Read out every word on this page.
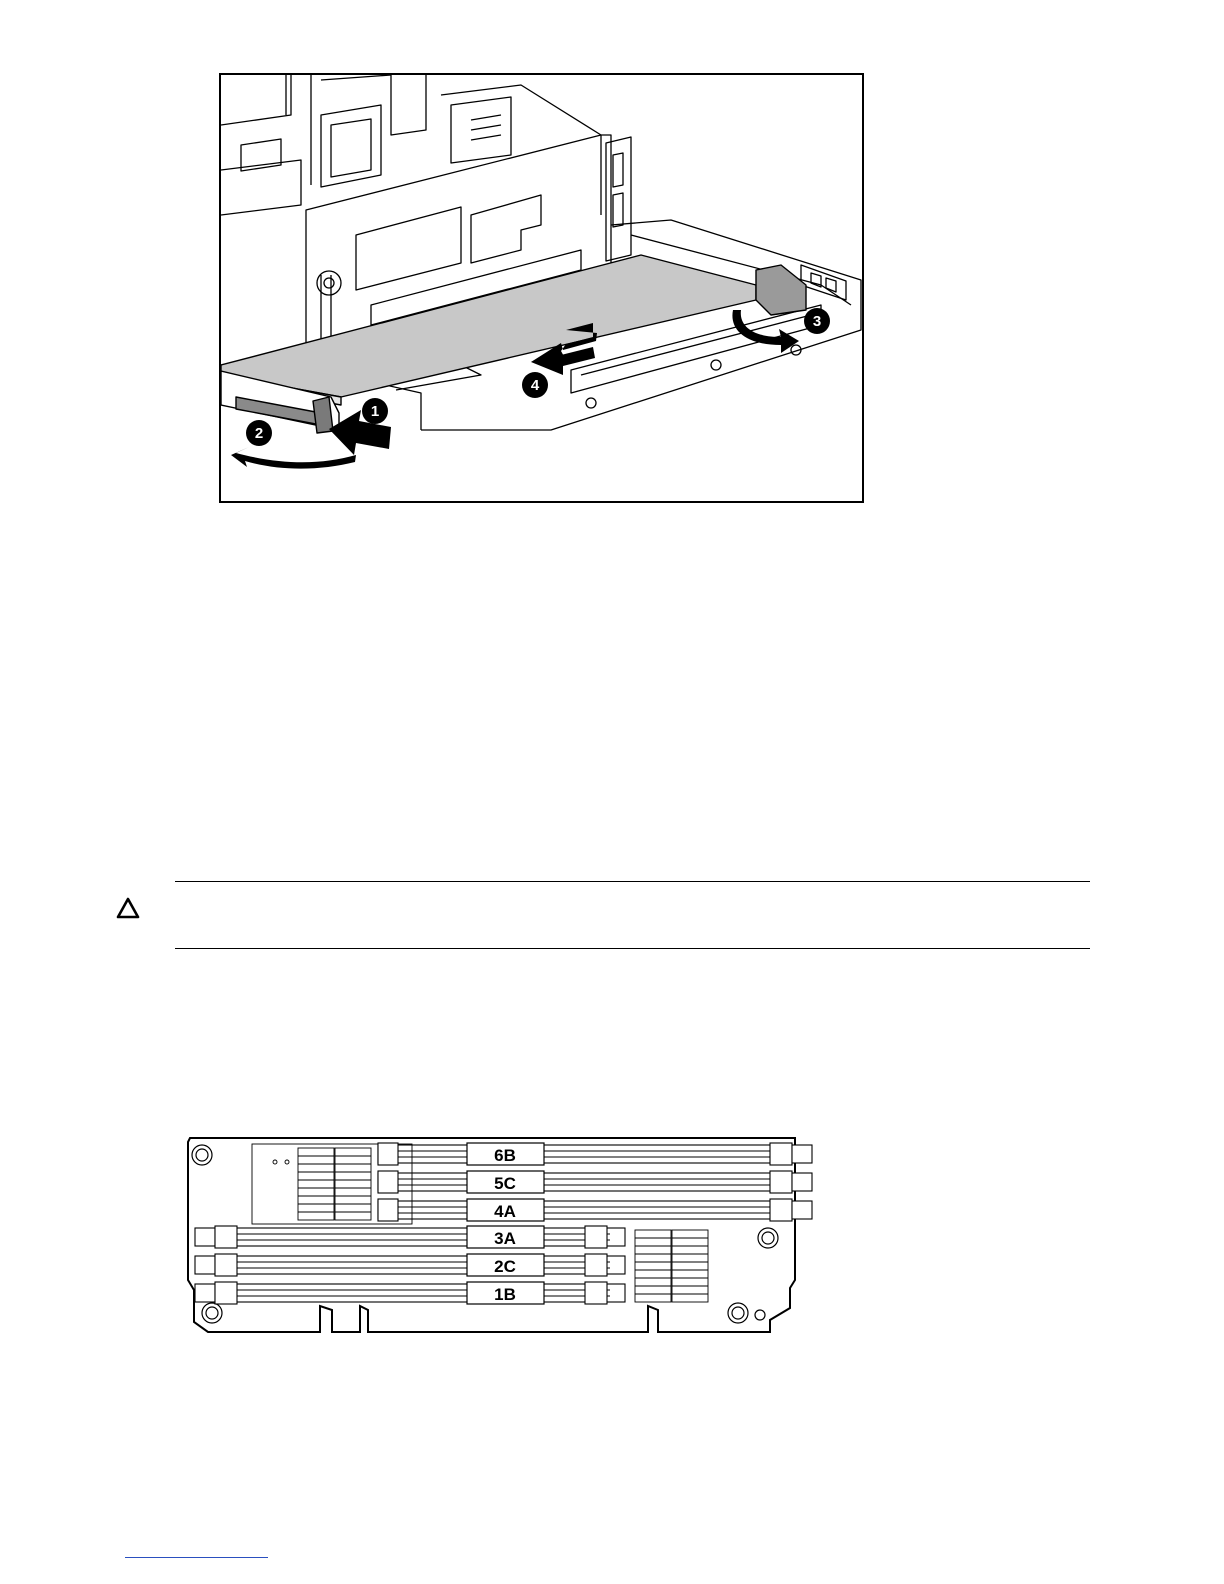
1
2
3
4
6B
5C
4A
3A
2C
1B
